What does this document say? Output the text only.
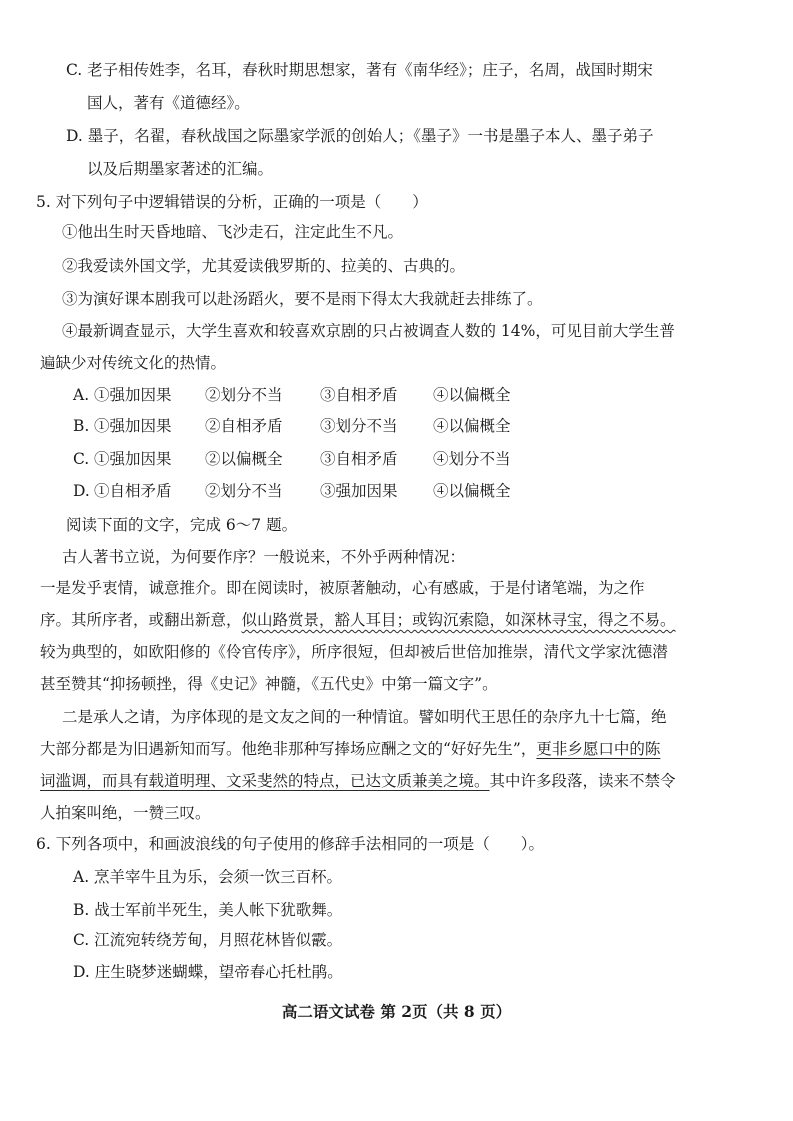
C. 老子相传姓李，名耳，春秋时期思想家，著有《南华经》；庄子，名周，战国时期宋
国人，著有《道德经》。
D. 墨子，名翟，春秋战国之际墨家学派的创始人；《墨子》一书是墨子本人、墨子弟子
以及后期墨家著述的汇编。
5. 对下列句子中逻辑错误的分析，正确的一项是（　　）
①他出生时天昏地暗、飞沙走石，注定此生不凡。
②我爱读外国文学，尤其爱读俄罗斯的、拉美的、古典的。
③为演好课本剧我可以赴汤蹈火，要不是雨下得太大我就赶去排练了。
④最新调查显示，大学生喜欢和较喜欢京剧的只占被调查人数的 14%，可见目前大学生普
遍缺少对传统文化的热情。
A. ①强加因果 ②划分不当 ③自相矛盾 ④以偏概全
B. ①强加因果 ②自相矛盾 ③划分不当 ④以偏概全
C. ①强加因果 ②以偏概全 ③自相矛盾 ④划分不当
D. ①自相矛盾 ②划分不当 ③强加因果 ④以偏概全
阅读下面的文字，完成 6～7 题。
古人著书立说，为何要作序？一般说来，不外乎两种情况：
一是发乎衷情，诚意推介。即在阅读时，被原著触动，心有感戚，于是付诸笔端，为之作
序。其所序者，或翻出新意，似山路赏景，豁人耳目；或钩沉索隐，如深林寻宝，得之不易。
较为典型的，如欧阳修的《伶官传序》，所序很短，但却被后世倍加推崇，清代文学家沈德潜
甚至赞其“抑扬顿挫，得《史记》神髓，《五代史》中第一篇文字”。
二是承人之请，为序体现的是文友之间的一种情谊。譬如明代王思任的杂序九十七篇，绝
大部分都是为旧遇新知而写。他绝非那种写捧场应酬之文的“好好先生”，更非乡愿口中的陈
词滥调，而具有载道明理、文采斐然的特点，已达文质兼美之境。其中许多段落，读来不禁令
人拍案叫绝，一赞三叹。
6. 下列各项中，和画波浪线的句子使用的修辞手法相同的一项是（　　）。
A. 烹羊宰牛且为乐，会须一饮三百杯。
B. 战士军前半死生，美人帐下犹歌舞。
C. 江流宛转绕芳甸，月照花林皆似霰。
D. 庄生晓梦迷蝴蝶，望帝春心托杜鹃。
高二语文试卷 第 2页（共 8 页）
